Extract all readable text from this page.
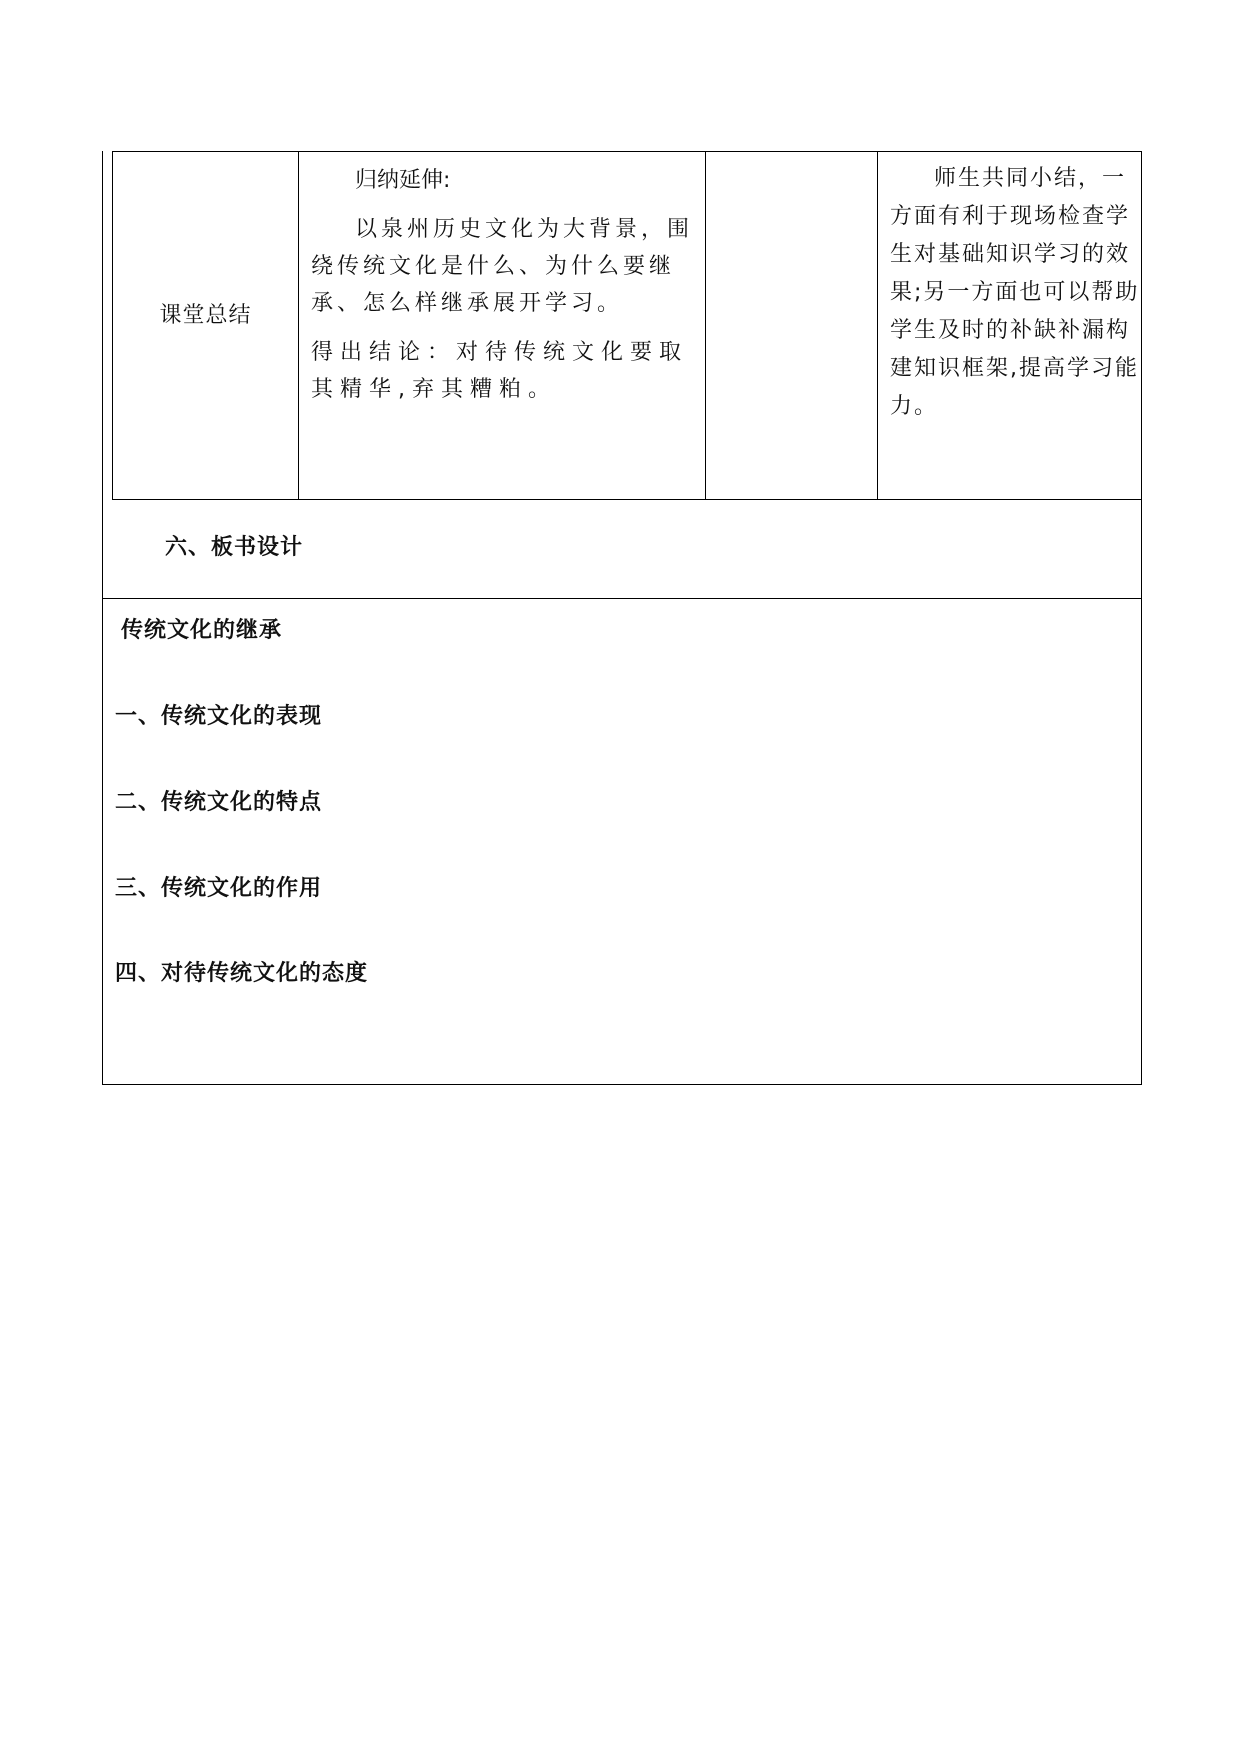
课堂总结

归纳延伸:

以泉州历史文化为大背景，围绕传统文化是什么、为什么要继承、怎么样继承展开学习。

得出结论：对待传统文化要取其精华,弃其糟粕。

师生共同小结，一方面有利于现场检查学生对基础知识学习的效果;另一方面也可以帮助学生及时的补缺补漏构建知识框架,提高学习能力。

六、板书设计
传统文化的继承
一、传统文化的表现
二、传统文化的特点
三、传统文化的作用
四、对待传统文化的态度
